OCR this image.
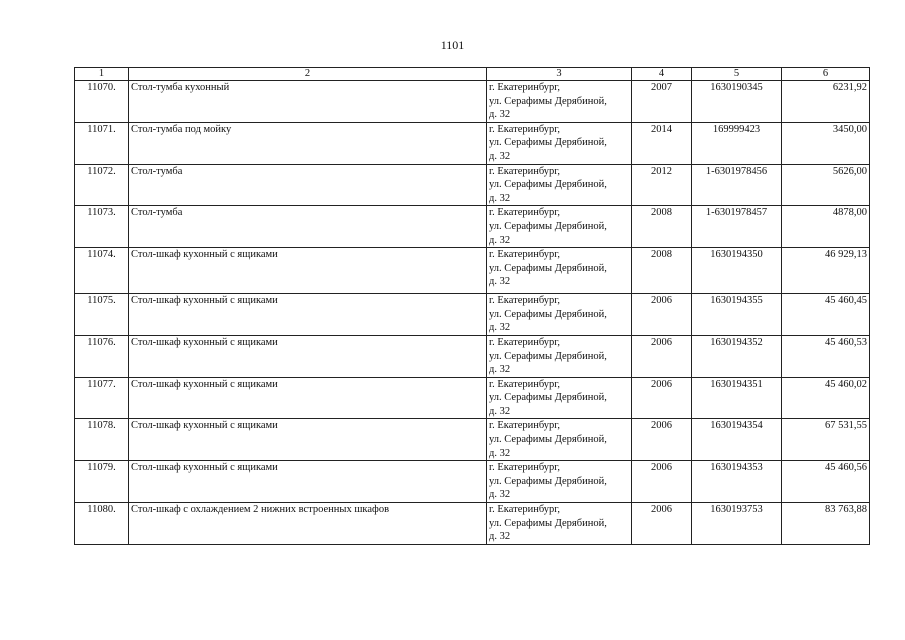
1101
1	2	3	4	5	6
11070.	Стол-тумба кухонный	г. Екатеринбург,
ул. Серафимы Дерябиной,
д. 32	2007	1630190345	6231,92
11071.	Стол-тумба под мойку	г. Екатеринбург,
ул. Серафимы Дерябиной,
д. 32	2014	169999423	3450,00
11072.	Стол-тумба	г. Екатеринбург,
ул. Серафимы Дерябиной,
д. 32	2012	1-6301978456	5626,00
11073.	Стол-тумба	г. Екатеринбург,
ул. Серафимы Дерябиной,
д. 32	2008	1-6301978457	4878,00
11074.	Стол-шкаф кухонный с ящиками	г. Екатеринбург,
ул. Серафимы Дерябиной,
д. 32	2008	1630194350	46 929,13
11075.	Стол-шкаф кухонный с ящиками	г. Екатеринбург,
ул. Серафимы Дерябиной,
д. 32	2006	1630194355	45 460,45
11076.	Стол-шкаф кухонный с ящиками	г. Екатеринбург,
ул. Серафимы Дерябиной,
д. 32	2006	1630194352	45 460,53
11077.	Стол-шкаф кухонный с ящиками	г. Екатеринбург,
ул. Серафимы Дерябиной,
д. 32	2006	1630194351	45 460,02
11078.	Стол-шкаф кухонный с ящиками	г. Екатеринбург,
ул. Серафимы Дерябиной,
д. 32	2006	1630194354	67 531,55
11079.	Стол-шкаф кухонный с ящиками	г. Екатеринбург,
ул. Серафимы Дерябиной,
д. 32	2006	1630194353	45 460,56
11080.	Стол-шкаф с охлаждением 2 нижних встроенных шкафов	г. Екатеринбург,
ул. Серафимы Дерябиной,
д. 32	2006	1630193753	83 763,88
